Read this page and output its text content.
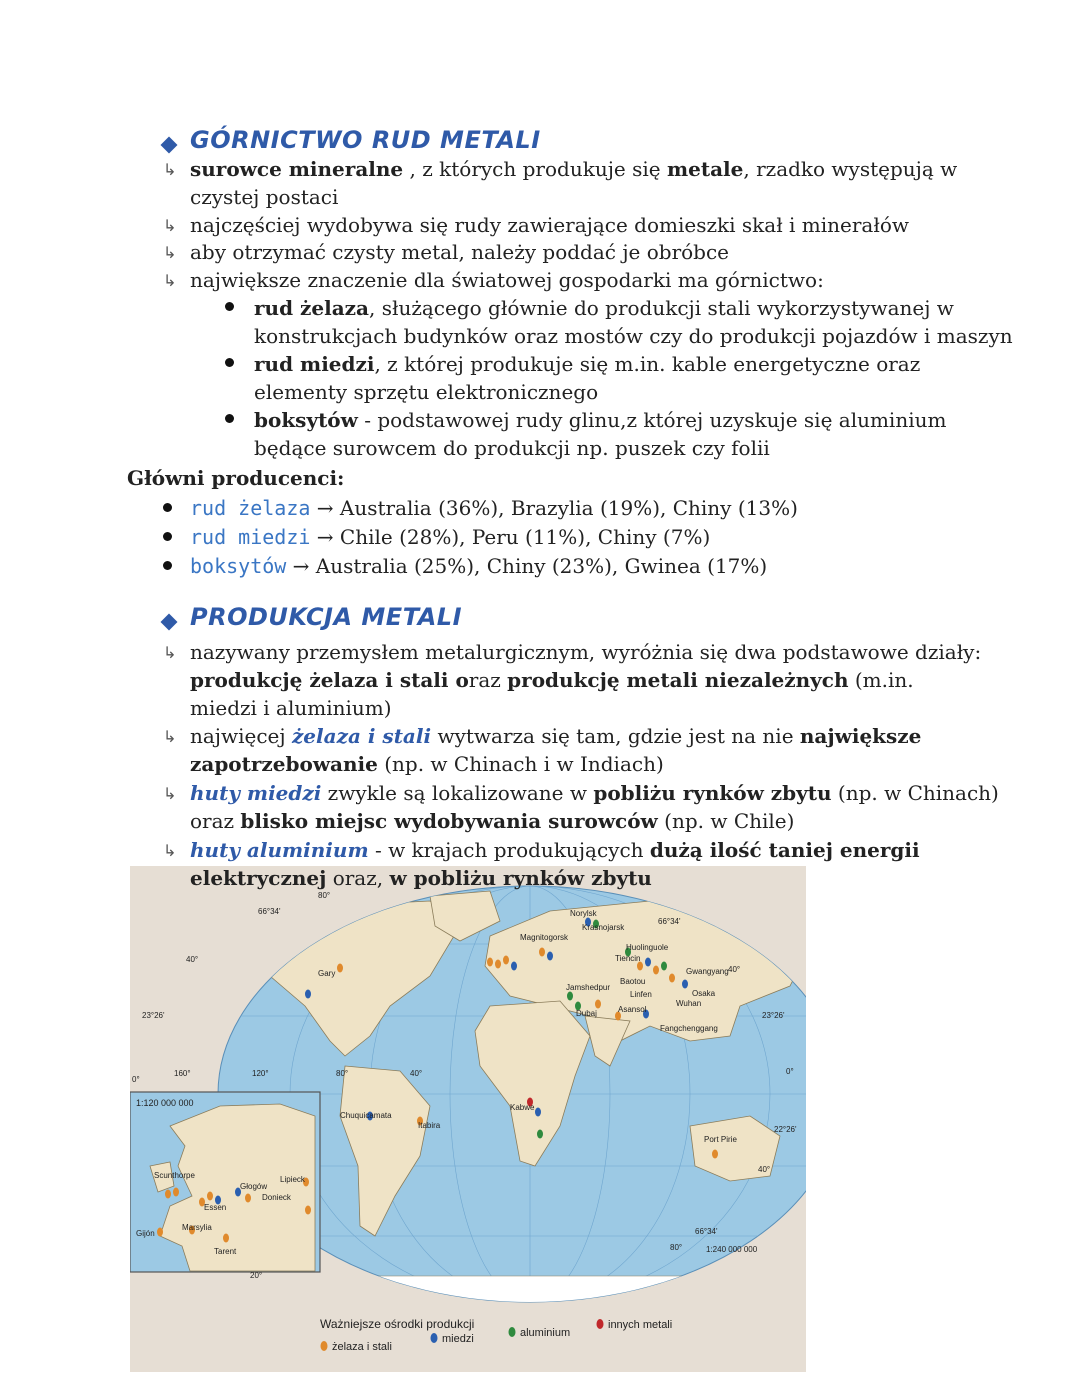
GÓRNICTWO RUD METALI
↳ surowce mineralne , z których produkuje się metale, rzadko występują w
czystej postaci
↳ najczęściej wydobywa się rudy zawierające domieszki skał i minerałów
↳ aby otrzymać czysty metal, należy poddać je obróbce
↳ największe znaczenie dla światowej gospodarki ma górnictwo:
rud żelaza, służącego głównie do produkcji stali wykorzystywanej w
konstrukcjach budynków oraz mostów czy do produkcji pojazdów i maszyn
rud miedzi, z której produkuje się m.in. kable energetyczne oraz
elementy sprzętu elektronicznego
boksytów - podstawowej rudy glinu,z której uzyskuje się aluminium
będące surowcem do produkcji np. puszek czy folii
Główni producenci:
rud żelaza → Australia (36%), Brazylia (19%), Chiny (13%)
rud miedzi → Chile (28%), Peru (11%), Chiny (7%)
boksytów → Australia (25%), Chiny (23%), Gwinea (17%)
PRODUKCJA METALI
↳ nazywany przemysłem metalurgicznym, wyróżnia się dwa podstawowe działy:
produkcję żelaza i stali oraz produkcję metali niezależnych (m.in.
miedzi i aluminium)
↳ najwięcej żelaza i stali wytwarza się tam, gdzie jest na nie największe
zapotrzebowanie (np. w Chinach i w Indiach)
↳ huty miedzi zwykle są lokalizowane w pobliżu rynków zbytu (np. w Chinach)
oraz blisko miejsc wydobywania surowców (np. w Chile)
↳ huty aluminium - w krajach produkujących dużą ilość taniej energii
Gary
Magnitogorsk
Norylsk
Krasnojarsk
Huolinguole
Tiencin
Baotou
Linfen
Gwangyang
Osaka
Wuhan
Jamshedpur
Dubaj	Asansol
Fangchenggang
Chuquicamata
Itabira
Kabwe
Port Pirie
1:240 000 000
66°34'
66°34'
66°34'
23°26'	23°26'
22°26'
0°
0°
40°
40°
40°
40°
80°
80°
80°
120°
160°
1:120 000 000
Scunthorpe
Głogów
Lipieck
Donieck
Essen
Marsylia
Tarent
Gijón
20°
Ważniejsze ośrodki produkcji
żelaza i stali
miedzi	aluminium
innych metali
elektrycznej oraz, w pobliżu rynków zbytu
